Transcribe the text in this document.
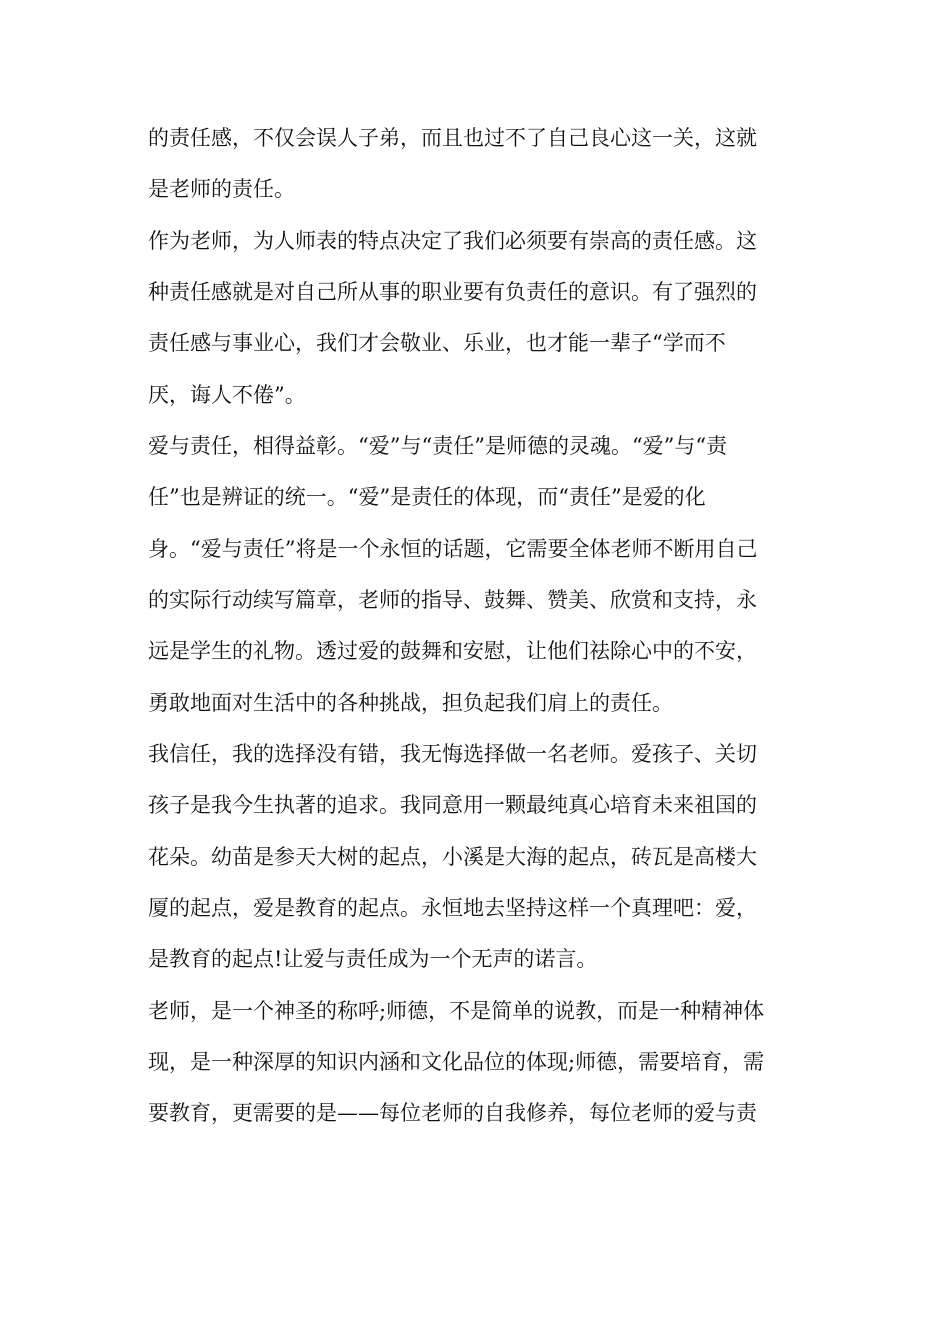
的责任感，不仅会误人子弟，而且也过不了自己良心这一关，这就
是老师的责任。
作为老师，为人师表的特点决定了我们必须要有崇高的责任感。这
种责任感就是对自己所从事的职业要有负责任的意识。有了强烈的
责任感与事业心，我们才会敬业、乐业，也才能一辈子“学而不
厌，诲人不倦”。
爱与责任，相得益彰。“爱”与“责任”是师德的灵魂。“爱”与“责
任”也是辨证的统一。“爱”是责任的体现，而“责任”是爱的化
身。“爱与责任”将是一个永恒的话题，它需要全体老师不断用自己
的实际行动续写篇章，老师的指导、鼓舞、赞美、欣赏和支持，永
远是学生的礼物。透过爱的鼓舞和安慰，让他们祛除心中的不安，
勇敢地面对生活中的各种挑战，担负起我们肩上的责任。
我信任，我的选择没有错，我无悔选择做一名老师。爱孩子、关切
孩子是我今生执著的追求。我同意用一颗最纯真心培育未来祖国的
花朵。幼苗是参天大树的起点，小溪是大海的起点，砖瓦是高楼大
厦的起点，爱是教育的起点。永恒地去坚持这样一个真理吧：爱，
是教育的起点!让爱与责任成为一个无声的诺言。
老师，是一个神圣的称呼;师德，不是简单的说教，而是一种精神体
现，是一种深厚的知识内涵和文化品位的体现;师德，需要培育，需
要教育，更需要的是——每位老师的自我修养，每位老师的爱与责
